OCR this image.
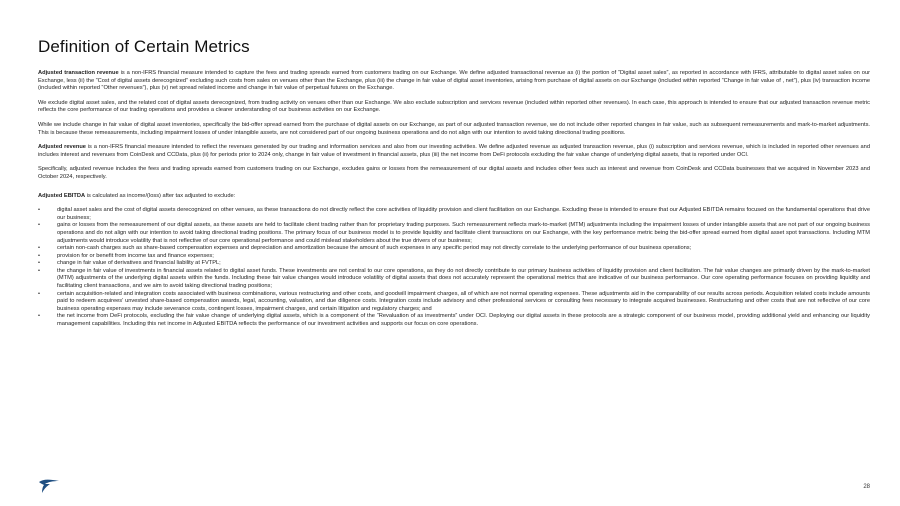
Definition of Certain Metrics

Adjusted transaction revenue is a non-IFRS financial measure intended to capture the fees and trading spreads earned from customers trading on our Exchange. We define adjusted transactional revenue as (i) the portion of “Digital asset sales”, as reported in accordance with IFRS, attributable to digital asset sales on our Exchange, less (ii) the “Cost of digital assets derecognized” excluding such costs from sales on venues other than the Exchange, plus (iii) the change in fair value of digital asset inventories, arising from purchase of digital assets on our Exchange (included within reported “Change in fair value of , net”), plus (iv) transaction income (included within reported “Other revenues”), plus (v) net spread related income and change in fair value of perpetual futures on the Exchange.

We exclude digital asset sales, and the related cost of digital assets derecognized, from trading activity on venues other than our Exchange. We also exclude subscription and services revenue (included within reported other revenues). In each case, this approach is intended to ensure that our adjusted transaction revenue metric reflects the core performance of our trading operations and provides a clearer understanding of our business activities on our Exchange.

While we include change in fair value of digital asset inventories, specifically the bid-offer spread earned from the purchase of digital assets on our Exchange, as part of our adjusted transaction revenue, we do not include other reported changes in fair value, such as subsequent remeasurements and mark-to-market adjustments. This is because these remeasurements, including impairment losses of under intangible assets, are not considered part of our ongoing business operations and do not align with our intention to avoid taking directional trading positions.

Adjusted revenue is a non-IFRS financial measure intended to reflect the revenues generated by our trading and information services and also from our investing activities. We define adjusted revenue as adjusted transaction revenue, plus (i) subscription and services revenue, which is included in reported other revenues and includes interest and revenues from CoinDesk and CCData, plus (ii) for periods prior to 2024 only, change in fair value of investment in financial assets, plus (iii) the net income from DeFi protocols excluding the fair value change of underlying digital assets, that is reported under OCI.

Specifically, adjusted revenue includes the fees and trading spreads earned from customers trading on our Exchange, excludes gains or losses from the remeasurement of our digital assets and includes other fees such as interest and revenue from CoinDesk and CCData businesses that we acquired in November 2023 and October 2024, respectively.

Adjusted EBITDA is calculated as income/(loss) after tax adjusted to exclude:

• digital asset sales and the cost of digital assets derecognized on other venues, as these transactions do not directly reflect the core activities of liquidity provision and client facilitation on our Exchange. Excluding these is intended to ensure that our Adjusted EBITDA remains focused on the fundamental operations that drive our business;
• gains or losses from the remeasurement of our digital assets, as these assets are held to facilitate client trading rather than for proprietary trading purposes. Such remeasurement reflects mark-to-market (MTM) adjustments including the impairment losses of under intangible assets that are not part of our ongoing business operations and do not align with our intention to avoid taking directional trading positions. The primary focus of our business model is to provide liquidity and facilitate client transactions on our Exchange, with the key performance metric being the bid-offer spread earned from digital asset spot transactions. Including MTM adjustments would introduce volatility that is not reflective of our core operational performance and could mislead stakeholders about the true drivers of our business;
• certain non-cash charges such as share-based compensation expenses and depreciation and amortization because the amount of such expenses in any specific period may not directly correlate to the underlying performance of our business operations;
• provision for or benefit from income tax and finance expenses;
• change in fair value of derivatives and financial liability at FVTPL;
• the change in fair value of investments in financial assets related to digital asset funds. These investments are not central to our core operations, as they do not directly contribute to our primary business activities of liquidity provision and client facilitation. The fair value changes are primarily driven by the mark-to-market (MTM) adjustments of the underlying digital assets within the funds. Including these fair value changes would introduce volatility of digital assets that does not accurately represent the operational metrics that are indicative of our business performance. Our core operating performance focuses on providing liquidity and facilitating client transactions, and we aim to avoid taking directional trading positions;
• certain acquisition-related and integration costs associated with business combinations, various restructuring and other costs, and goodwill impairment charges, all of which are not normal operating expenses. These adjustments aid in the comparability of our results across periods. Acquisition related costs include amounts paid to redeem acquirees’ unvested share-based compensation awards, legal, accounting, valuation, and due diligence costs. Integration costs include advisory and other professional services or consulting fees necessary to integrate acquired businesses. Restructuring and other costs that are not reflective of our core business operating expenses may include severance costs, contingent losses, impairment charges, and certain litigation and regulatory charges; and
• the net income from DeFi protocols, excluding the fair value change of underlying digital assets, which is a component of the “Revaluation of as investments” under OCI. Deploying our digital assets in these protocols are a strategic component of our business model, providing additional yield and enhancing our liquidity management capabilities. Including this net income in Adjusted EBITDA reflects the performance of our investment activities and supports our focus on core operations.
28
